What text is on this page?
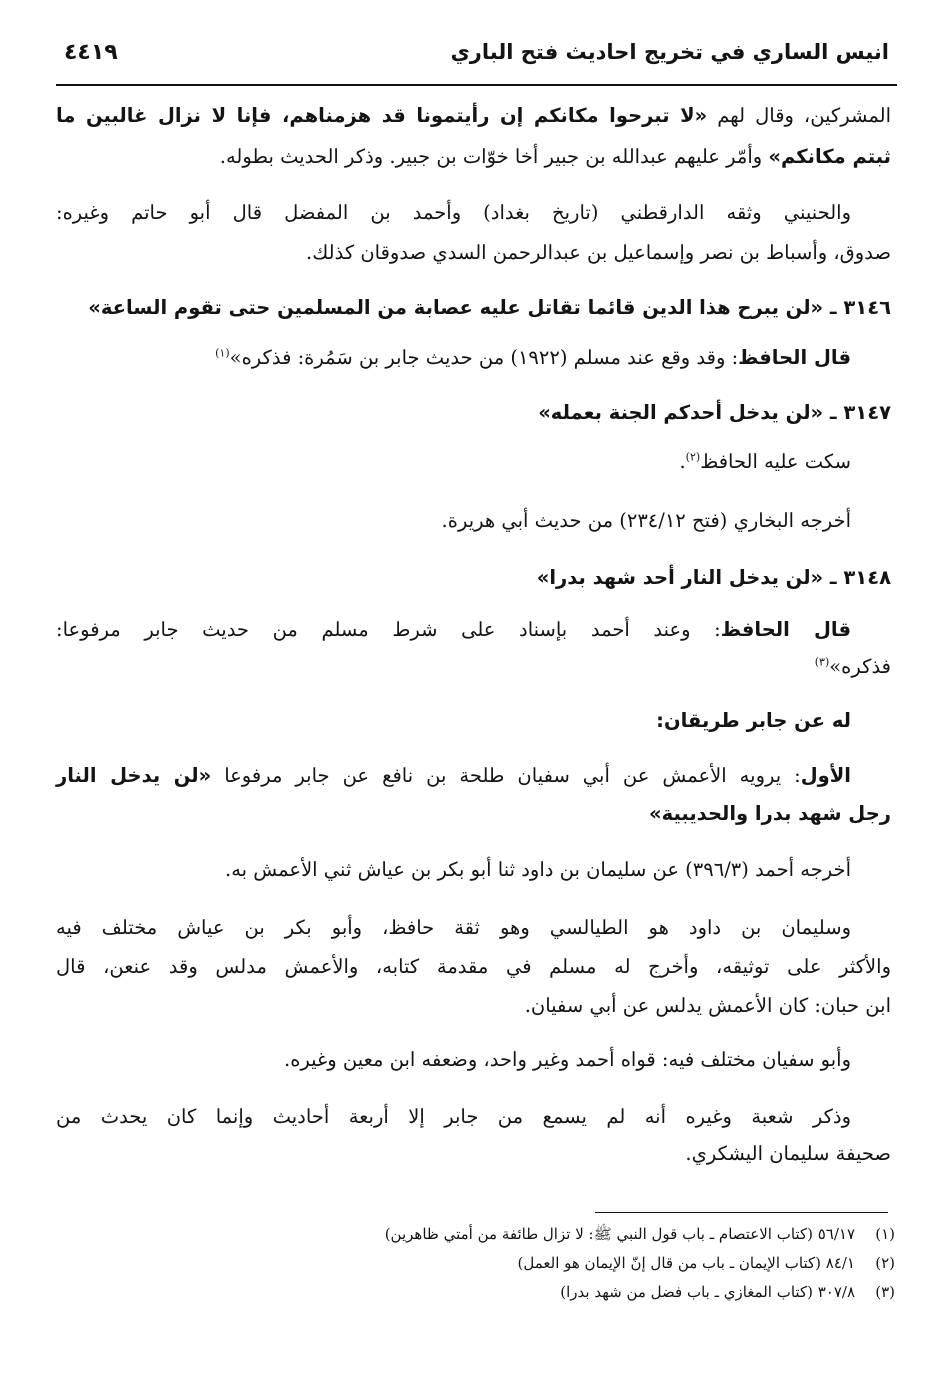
انيس الساري في تخريج احاديث فتح الباري
٤٤١٩
المشركين، وقال لهم «لا تبرحوا مكانكم إن رأيتمونا قد هزمناهم، فإنا لا نزال غالبين ما
ثبتم مكانكم» وأمّر عليهم عبدالله بن جبير أخا خوّات بن جبير. وذكر الحديث بطوله.
والحنيني وثقه الدارقطني (تاريخ بغداد) وأحمد بن المفضل قال أبو حاتم وغيره:
صدوق، وأسباط بن نصر وإسماعيل بن عبدالرحمن السدي صدوقان كذلك.
٣١٤٦ ـ «لن يبرح هذا الدين قائما تقاتل عليه عصابة من المسلمين حتى تقوم الساعة»
قال الحافظ: وقد وقع عند مسلم (١٩٢٢) من حديث جابر بن سَمُرة: فذكره»$^{(١)}$
٣١٤٧ ـ «لن يدخل أحدكم الجنة بعمله»
سكت عليه الحافظ$^{(٢)}$.
أخرجه البخاري (فتح ٢٣٤/١٢) من حديث أبي هريرة.
٣١٤٨ ـ «لن يدخل النار أحد شهد بدرا»
قال الحافظ: وعند أحمد بإسناد على شرط مسلم من حديث جابر مرفوعا:
فذكره»$^{(٣)}$
له عن جابر طريقان:
الأول: يرويه الأعمش عن أبي سفيان طلحة بن نافع عن جابر مرفوعا «لن يدخل النار
رجل شهد بدرا والحديبية»
أخرجه أحمد (٣٩٦/٣) عن سليمان بن داود ثنا أبو بكر بن عياش ثني الأعمش به.
وسليمان بن داود هو الطيالسي وهو ثقة حافظ، وأبو بكر بن عياش مختلف فيه
والأكثر على توثيقه، وأخرج له مسلم في مقدمة كتابه، والأعمش مدلس وقد عنعن، قال
ابن حبان: كان الأعمش يدلس عن أبي سفيان.
وأبو سفيان مختلف فيه: قواه أحمد وغير واحد، وضعفه ابن معين وغيره.
وذكر شعبة وغيره أنه لم يسمع من جابر إلا أربعة أحاديث وإنما كان يحدث من
صحيفة سليمان اليشكري.
(١)٥٦/١٧ (كتاب الاعتصام ـ باب قول النبي ﷺ: لا تزال طائفة من أمتي ظاهرين)
(٢)٨٤/١ (كتاب الإيمان ـ باب من قال إنّ الإيمان هو العمل)
(٣)٣٠٧/٨ (كتاب المغازي ـ باب فضل من شهد بدرا)
